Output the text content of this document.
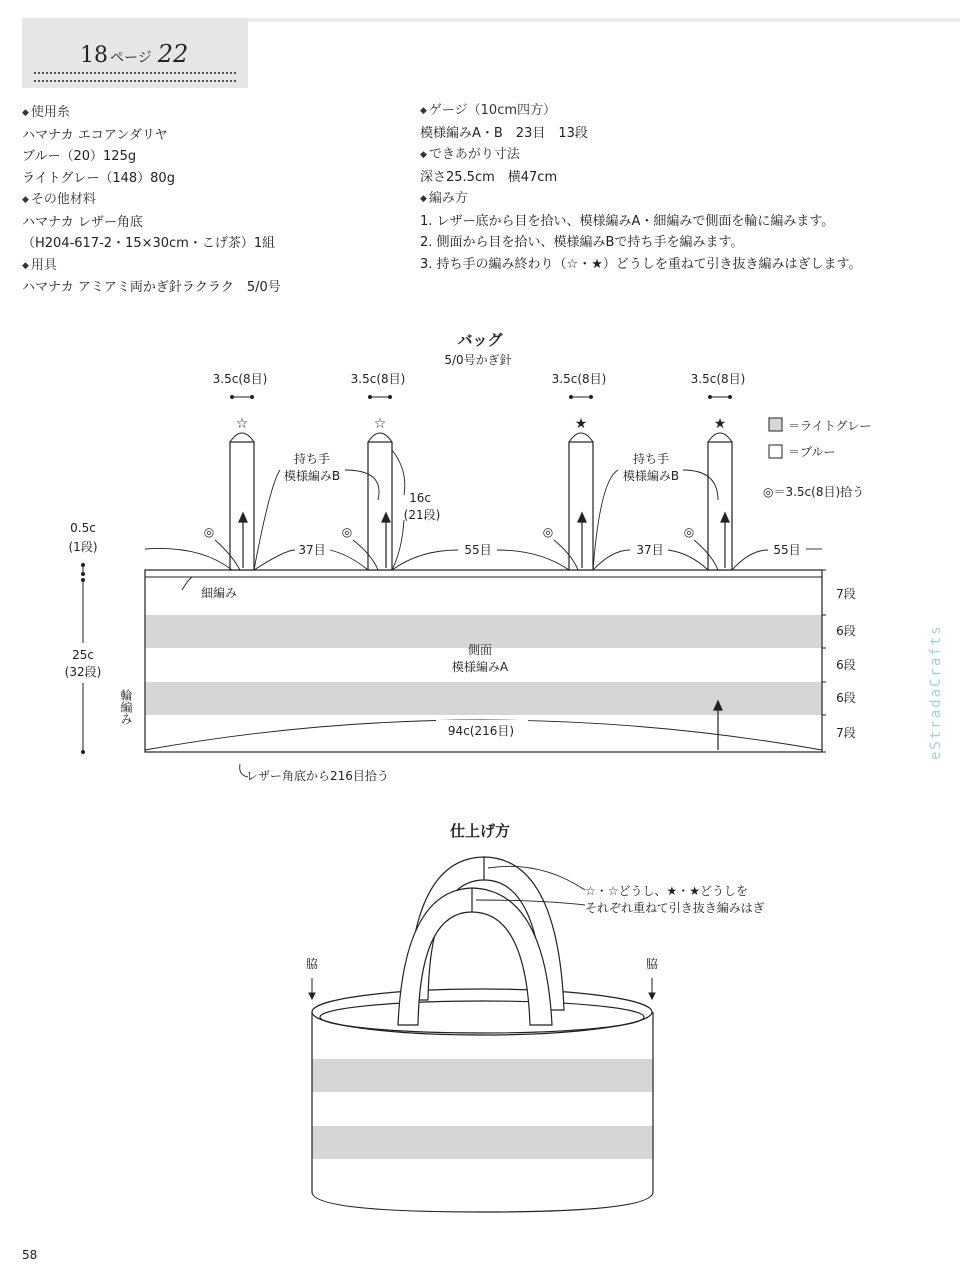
18 ページ 22
◆ 使用糸
ハマナカ エコアンダリヤ
ブルー（20）125g
ライトグレー（148）80g
◆ その他材料
ハマナカ レザー角底
（H204-617-2・15×30cm・こげ茶）1組
◆ 用具
ハマナカ アミアミ両かぎ針ラクラク　5/0号
◆ ゲージ（10cm四方）
模様編みA・B　23目　13段
◆ できあがり寸法
深さ25.5cm　横47cm
◆ 編み方
1. レザー底から目を拾い、模様編みA・細編みで側面を輪に編みます。
2. 側面から目を拾い、模様編みBで持ち手を編みます。
3. 持ち手の編み終わり（☆・★）どうしを重ねて引き抜き編みはぎします。
バッグ
5/0号かぎ針
☆	☆	★	★
3.5c(8目)	3.5c(8目)	3.5c(8目)	3.5c(8目)
持ち手
模様編みB
持ち手
模様編みB
16c
(21段)
＝ライトグレー
＝ブルー
◎＝3.5c(8目)拾う
◎	◎	◎	◎
37目	55目	37目	55目
0.5c
(1段)
25c
(32段)
細編み
側面
模様編みA
94c(216目)
レザー角底から216目拾う
輪編み
7段
6段
6段
6段
7段
仕上げ方
☆・☆どうし、★・★どうしを
それぞれ重ねて引き抜き編みはぎ
脇	脇
58
eStradaCrafts
